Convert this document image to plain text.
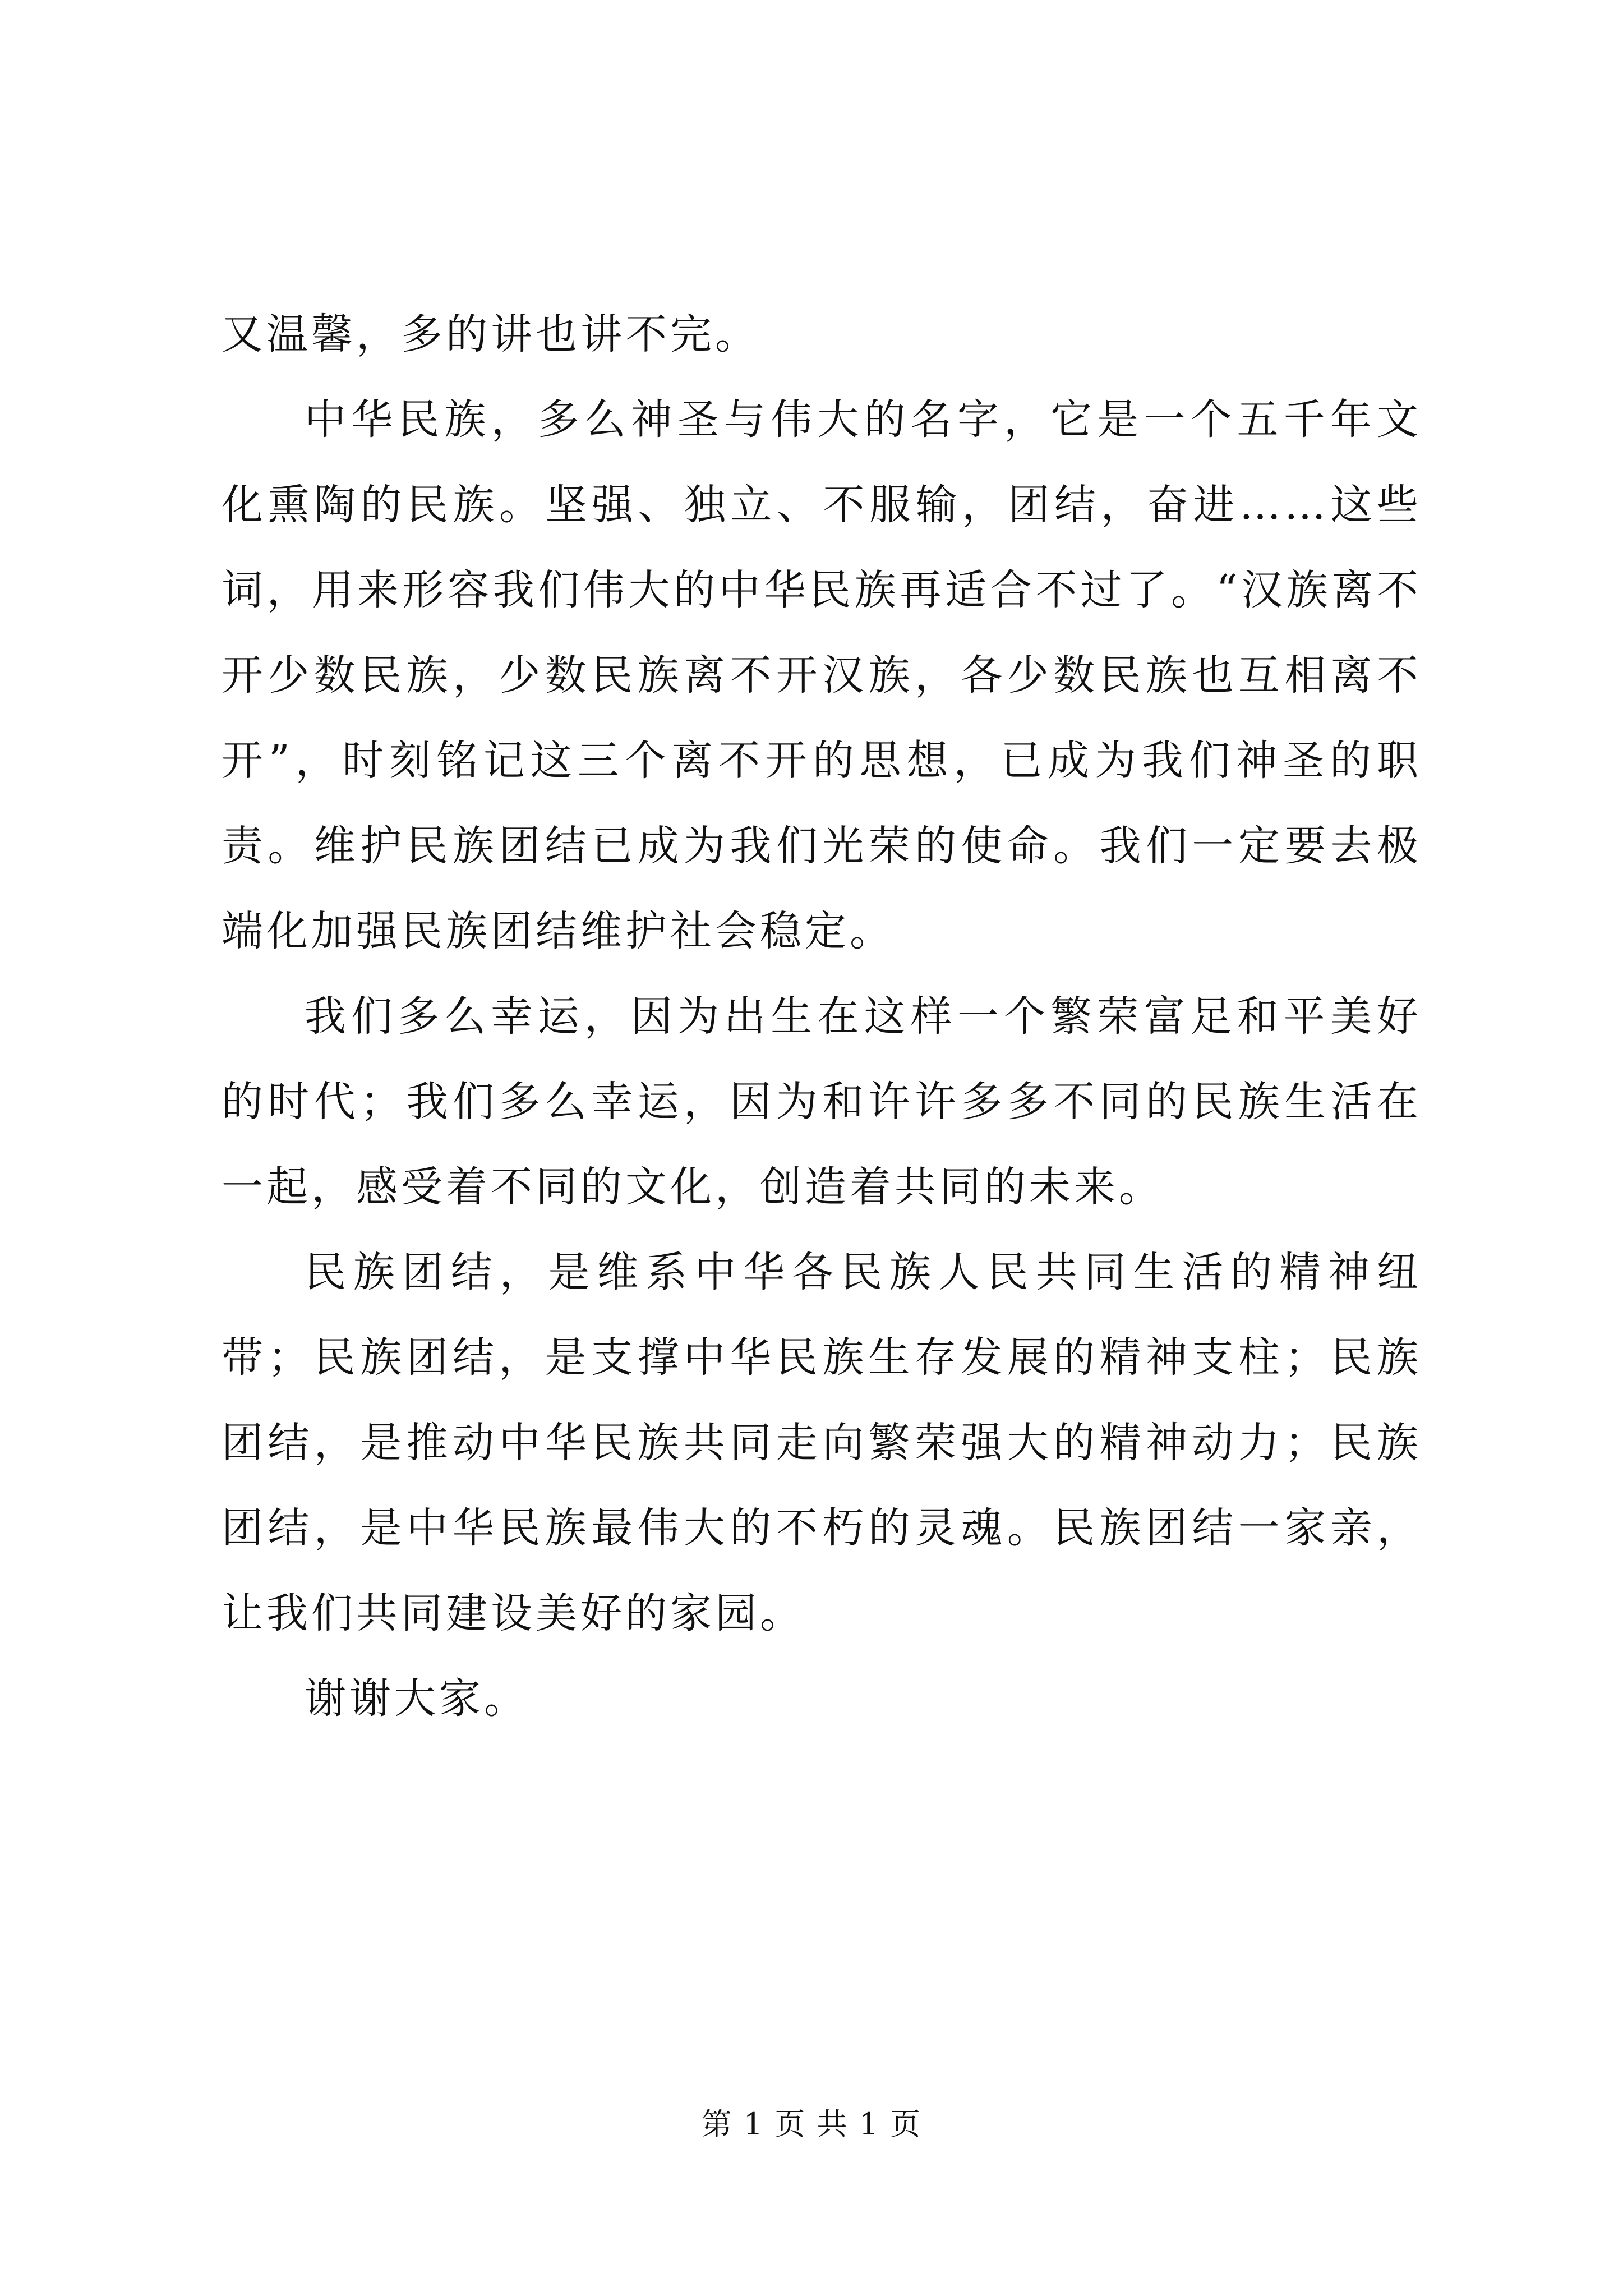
又温馨，多的讲也讲不完。

中华民族，多么神圣与伟大的名字，它是一个五千年文化熏陶的民族。坚强、独立、不服输，团结，奋进……这些词，用来形容我们伟大的中华民族再适合不过了。“汉族离不开少数民族，少数民族离不开汉族，各少数民族也互相离不开”，时刻铭记这三个离不开的思想，已成为我们神圣的职责。维护民族团结已成为我们光荣的使命。我们一定要去极端化加强民族团结维护社会稳定。

我们多么幸运，因为出生在这样一个繁荣富足和平美好的时代；我们多么幸运，因为和许许多多不同的民族生活在一起，感受着不同的文化，创造着共同的未来。

民族团结，是维系中华各民族人民共同生活的精神纽带；民族团结，是支撑中华民族生存发展的精神支柱；民族团结，是推动中华民族共同走向繁荣强大的精神动力；民族团结，是中华民族最伟大的不朽的灵魂。民族团结一家亲，让我们共同建设美好的家园。

谢谢大家。

第 1 页 共 1 页
